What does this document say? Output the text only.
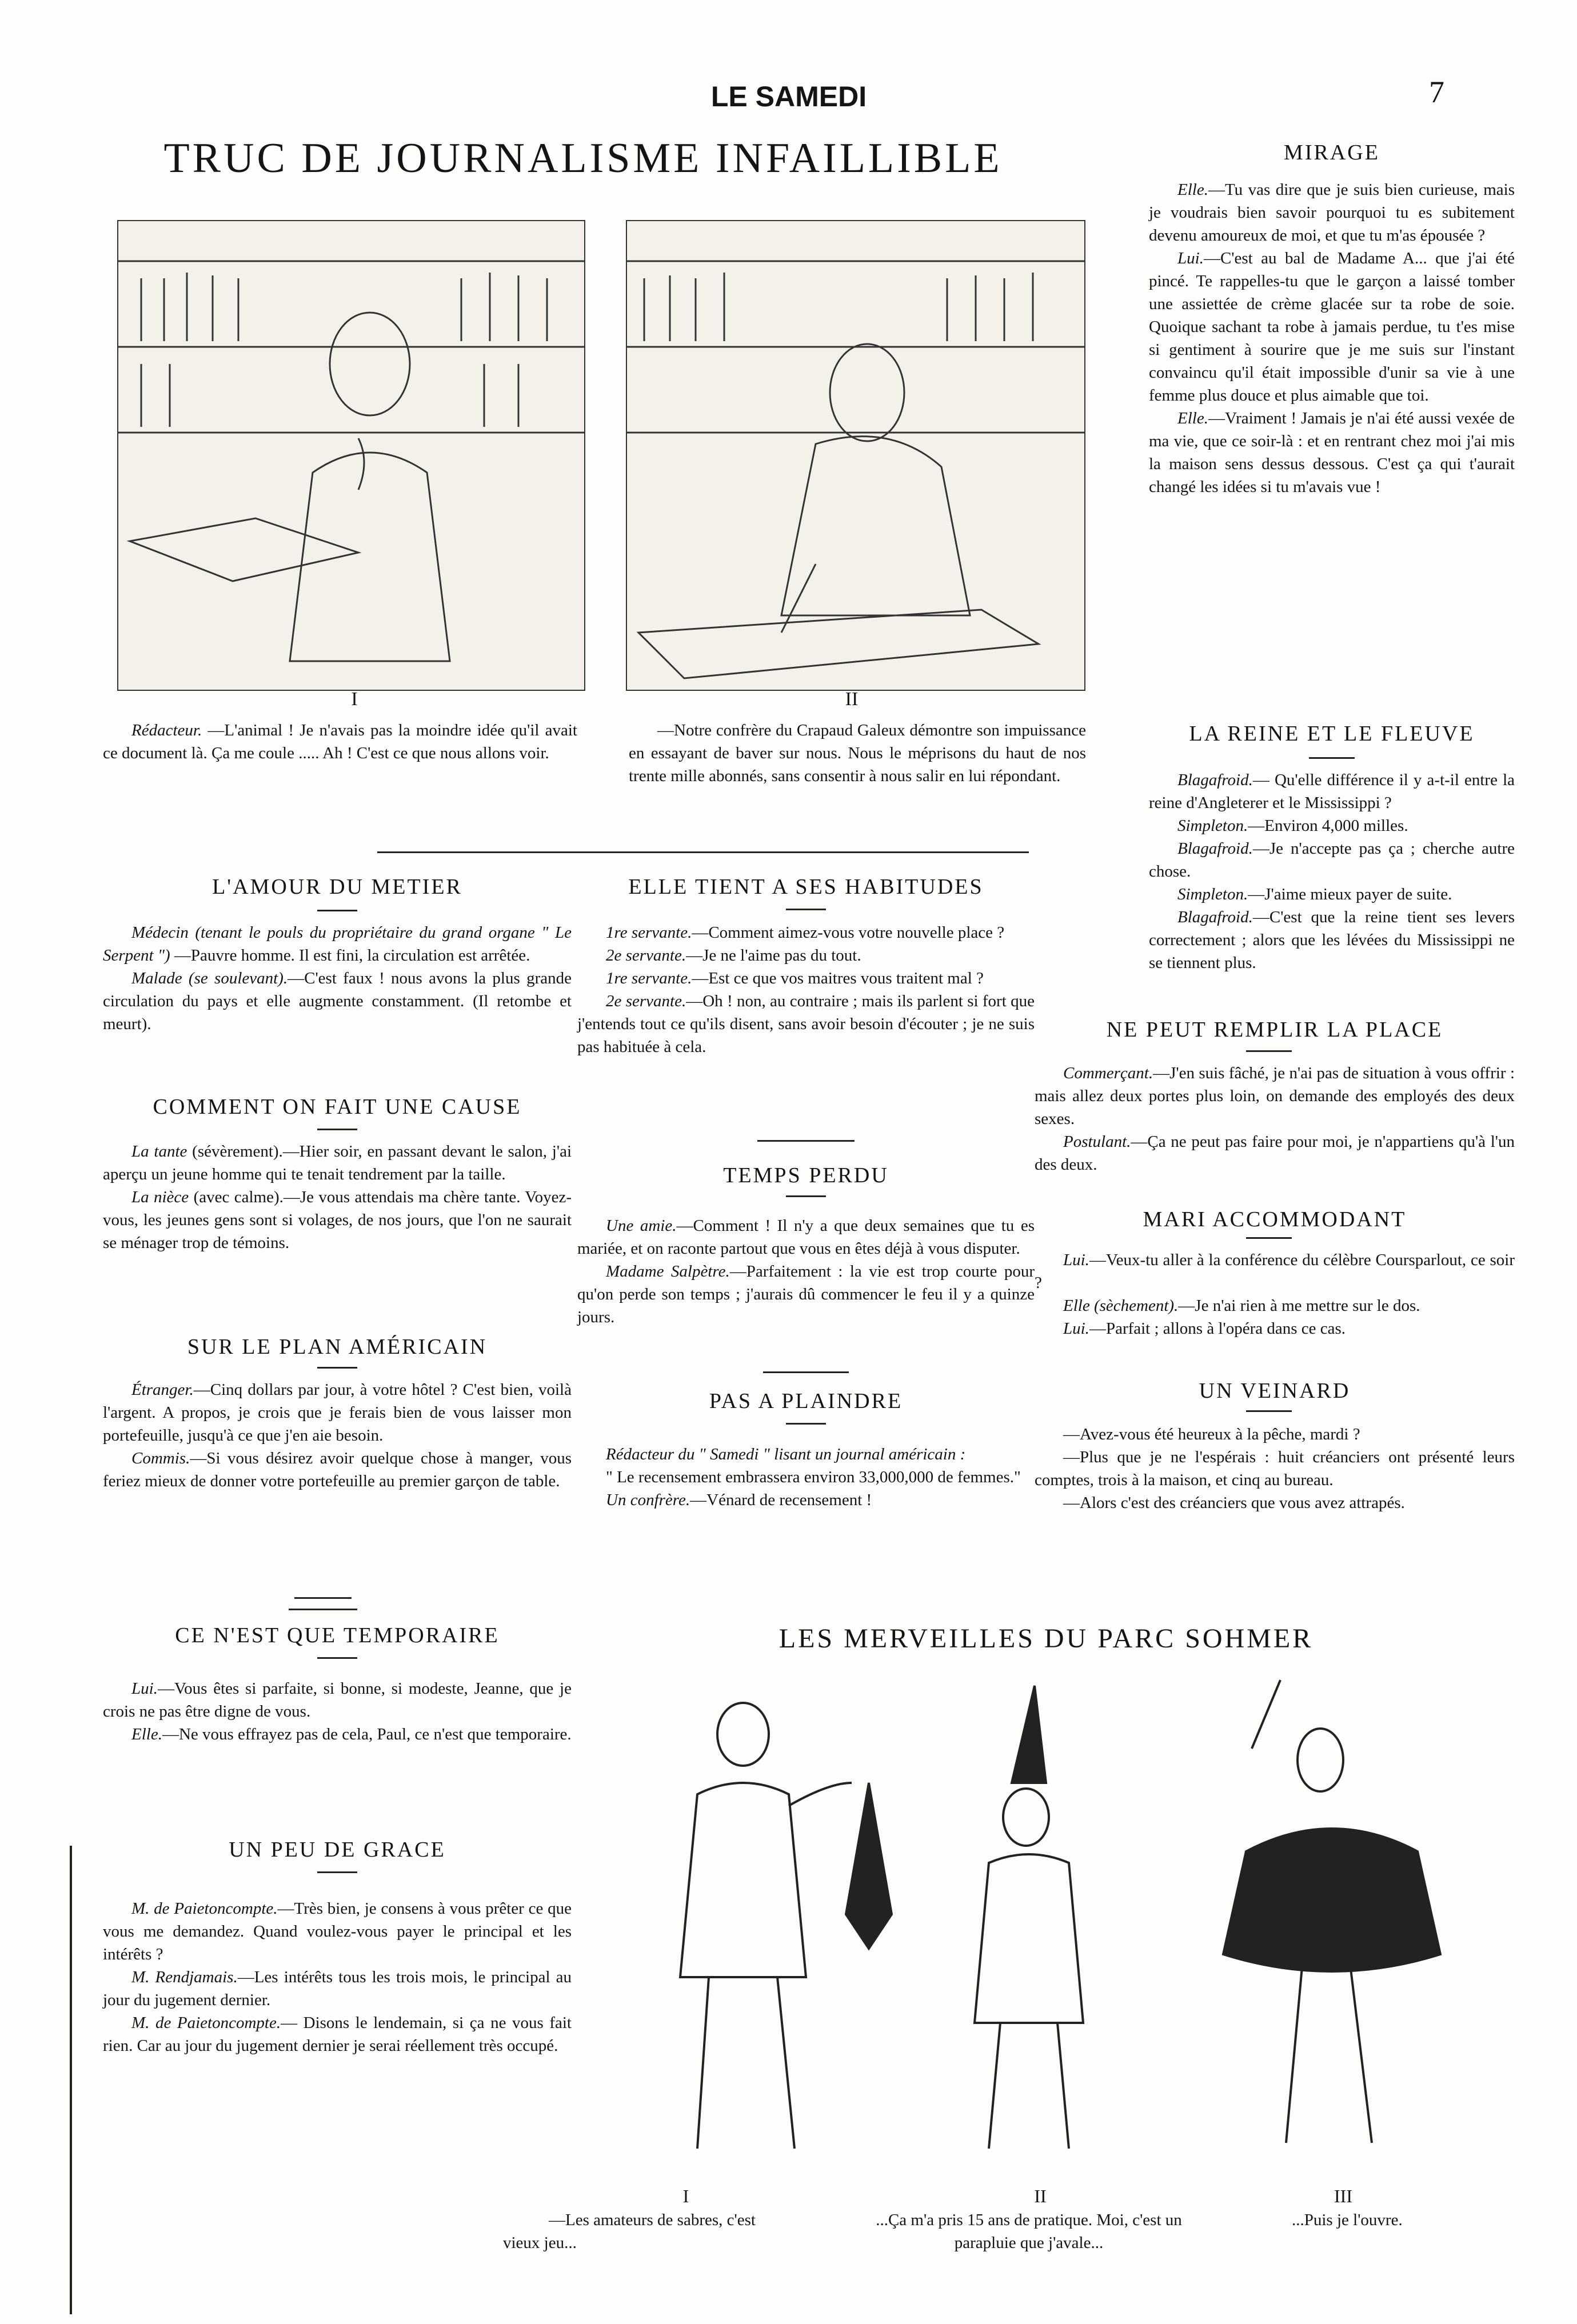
LE SAMEDI	7
TRUC DE JOURNALISME INFAILLIBLE
I	II

Rédacteur. —L'animal ! Je n'avais pas la moindre idée qu'il avait ce document là. Ça me coule ..... Ah ! C'est ce que nous allons voir.

—Notre confrère du Crapaud Galeux démontre son impuissance en essayant de baver sur nous. Nous le méprisons du haut de nos trente mille abonnés, sans consentir à nous salir en lui répondant.

MIRAGE

Elle.—Tu vas dire que je suis bien curieuse, mais je voudrais bien savoir pourquoi tu es subitement devenu amoureux de moi, et que tu m'as épousée ?

Lui.—C'est au bal de Madame A... que j'ai été pincé. Te rappelles-tu que le garçon a laissé tomber une assiettée de crème glacée sur ta robe de soie. Quoique sachant ta robe à jamais perdue, tu t'es mise si gentiment à sourire que je me suis sur l'instant convaincu qu'il était impossible d'unir sa vie à une femme plus douce et plus aimable que toi.

Elle.—Vraiment ! Jamais je n'ai été aussi vexée de ma vie, que ce soir-là : et en rentrant chez moi j'ai mis la maison sens dessus dessous. C'est ça qui t'aurait changé les idées si tu m'avais vue !

LA REINE ET LE FLEUVE

Blagafroid.— Qu'elle différence il y a-t-il entre la reine d'Angleterer et le Mississippi ?

Simpleton.—Environ 4,000 milles.

Blagafroid.—Je n'accepte pas ça ; cherche autre chose.

Simpleton.—J'aime mieux payer de suite.

Blagafroid.—C'est que la reine tient ses levers correctement ; alors que les lévées du Mississippi ne se tiennent plus.

NE PEUT REMPLIR LA PLACE

Commerçant.—J'en suis fâché, je n'ai pas de situation à vous offrir : mais allez deux portes plus loin, on demande des employés des deux sexes.

Postulant.—Ça ne peut pas faire pour moi, je n'appartiens qu'à l'un des deux.

MARI ACCOMMODANT

Lui.—Veux-tu aller à la conférence du célèbre Coursparlout, ce soir ?

Elle (sèchement).—Je n'ai rien à me mettre sur le dos.

Lui.—Parfait ; allons à l'opéra dans ce cas.

UN VEINARD

—Avez-vous été heureux à la pêche, mardi ?

—Plus que je ne l'espérais : huit créanciers ont présenté leurs comptes, trois à la maison, et cinq au bureau.

—Alors c'est des créanciers que vous avez attrapés.

L'AMOUR DU METIER

Médecin (tenant le pouls du propriétaire du grand organe " Le Serpent ") —Pauvre homme. Il est fini, la circulation est arrêtée.

Malade (se soulevant).—C'est faux ! nous avons la plus grande circulation du pays et elle augmente constamment. (Il retombe et meurt).

COMMENT ON FAIT UNE CAUSE

La tante (sévèrement).—Hier soir, en passant devant le salon, j'ai aperçu un jeune homme qui te tenait tendrement par la taille.

La nièce (avec calme).—Je vous attendais ma chère tante. Voyez-vous, les jeunes gens sont si volages, de nos jours, que l'on ne saurait se ménager trop de témoins.

SUR LE PLAN AMÉRICAIN

Étranger.—Cinq dollars par jour, à votre hôtel ? C'est bien, voilà l'argent. A propos, je crois que je ferais bien de vous laisser mon portefeuille, jusqu'à ce que j'en aie besoin.

Commis.—Si vous désirez avoir quelque chose à manger, vous feriez mieux de donner votre portefeuille au premier garçon de table.

CE N'EST QUE TEMPORAIRE

Lui.—Vous êtes si parfaite, si bonne, si modeste, Jeanne, que je crois ne pas être digne de vous.

Elle.—Ne vous effrayez pas de cela, Paul, ce n'est que temporaire.

UN PEU DE GRACE

M. de Paietoncompte.—Très bien, je consens à vous prêter ce que vous me demandez. Quand voulez-vous payer le principal et les intérêts ?

M. Rendjamais.—Les intérêts tous les trois mois, le principal au jour du jugement dernier.

M. de Paietoncompte.— Disons le lendemain, si ça ne vous fait rien. Car au jour du jugement dernier je serai réellement très occupé.

ELLE TIENT A SES HABITUDES

1re servante.—Comment aimez-vous votre nouvelle place ?

2e servante.—Je ne l'aime pas du tout.

1re servante.—Est ce que vos maitres vous traitent mal ?

2e servante.—Oh ! non, au contraire ; mais ils parlent si fort que j'entends tout ce qu'ils disent, sans avoir besoin d'écouter ; je ne suis pas habituée à cela.

TEMPS PERDU

Une amie.—Comment ! Il n'y a que deux semaines que tu es mariée, et on raconte partout que vous en êtes déjà à vous disputer.

Madame Salpètre.—Parfaitement : la vie est trop courte pour qu'on perde son temps ; j'aurais dû commencer le feu il y a quinze jours.

PAS A PLAINDRE

Rédacteur du " Samedi " lisant un journal américain :

" Le recensement embrassera environ 33,000,000 de femmes."

Un confrère.—Vénard de recensement !

LES MERVEILLES DU PARC SOHMER
I	II	III
—Les amateurs de sabres, c'est vieux jeu...
...Ça m'a pris 15 ans de pratique. Moi, c'est un parapluie que j'avale...
...Puis je l'ouvre.
